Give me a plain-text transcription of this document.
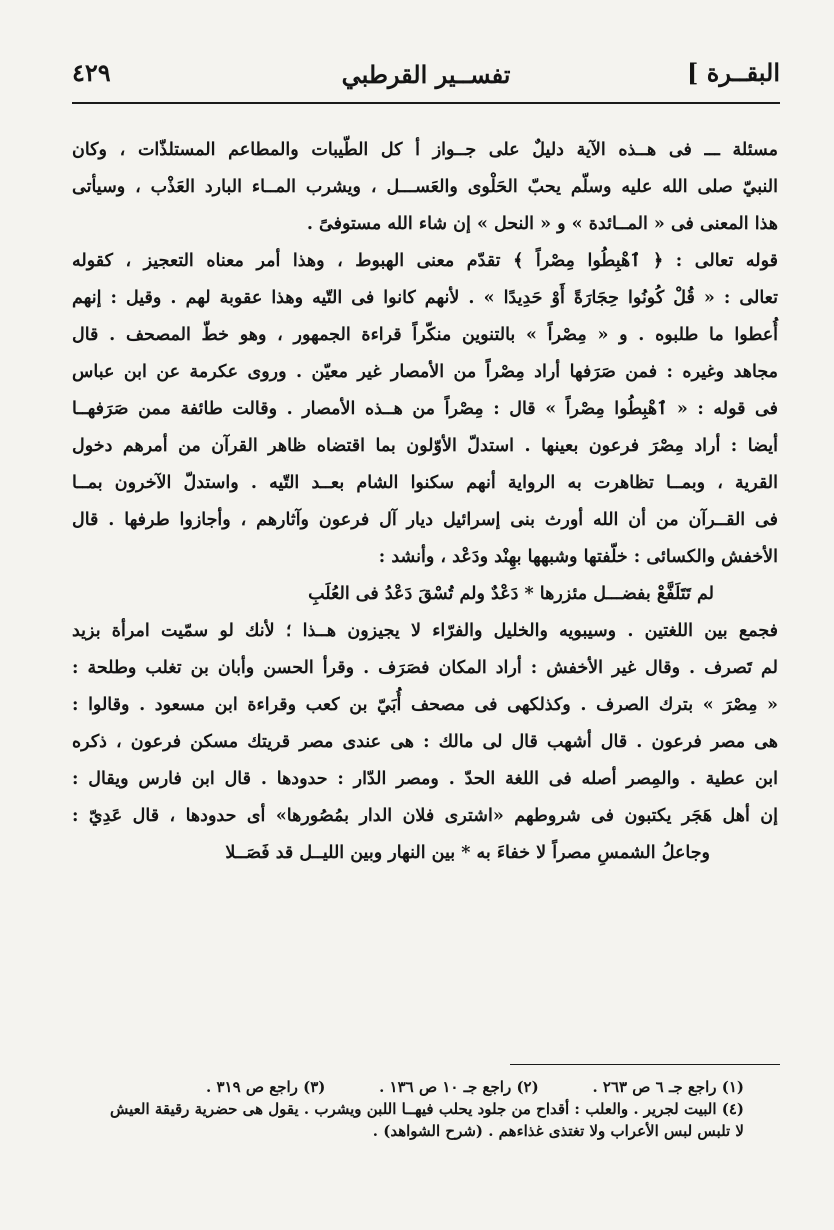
البقــرة ]
تفســير القرطبي
٤٢٩
مسئلة ـــ فى هــذه الآية دليلٌ على جــواز أ كل الطّيبات والمطاعم المستلذّات ، وكان
النبيّ صلى الله عليه وسلّم يحبّ الحَلْوى والعَســـل ، ويشرب المــاء البارد العَذْب ، وسيأتى
هذا المعنى فى « المــائدة » و « النحل » إن شاء الله مستوفىً .
قوله تعالى : ﴿ ٱهْبِطُوا مِصْراً ﴾ تقدّم معنى الهبوط ، وهذا أمر معناه التعجيز ، كقوله
تعالى : « قُلْ كُونُوا حِجَارَةً أَوْ حَدِيدًا » . لأنهم كانوا فى التّيه وهذا عقوبة لهم . وقيل : إنهم
أُعطوا ما طلبوه . و « مِصْراً » بالتنوين منكّراً قراءة الجمهور ، وهو خطّ المصحف . قال
مجاهد وغيره : فمن صَرَفها أراد مِصْراً من الأمصار غير معيّن . وروى عكرمة عن ابن عباس
فى قوله : « ٱهْبِطُوا مِصْراً » قال : مِصْراً من هــذه الأمصار . وقالت طائفة ممن صَرَفهــا
أيضا : أراد مِصْرَ فرعون بعينها . استدلّ الأوّلون بما اقتضاه ظاهر القرآن من أمرهم دخول
القرية ، وبمــا تظاهرت به الرواية أنهم سكنوا الشام بعــد التّيه . واستدلّ الآخرون بمــا
فى القــرآن من أن الله أورث بنى إسرائيل ديار آل فرعون وآثارهم ، وأجازوا طرفها . قال
الأخفش والكسائى : خلّفتها وشبهها بهِنْد ودَعْد ، وأنشد :
لم تَتَلَفَّعْ بفضـــل مئزرها * دَعْدٌ ولم تُسْقَ دَعْدُ فى العُلَبِ
فجمع بين اللغتين . وسيبويه والخليل والفرّاء لا يجيزون هــذا ؛ لأنك لو سمّيت امرأة بزيد
لم تَصرف . وقال غير الأخفش : أراد المكان فصَرَف . وقرأ الحسن وأبان بن تغلب وطلحة :
« مِصْرَ » بترك الصرف . وكذلكهى فى مصحف أُبَيّ بن كعب وقراءة ابن مسعود . وقالوا :
هى مصر فرعون . قال أشهب قال لى مالك : هى عندى مصر قريتك مسكن فرعون ، ذكره
ابن عطية . والمِصر أصله فى اللغة الحدّ . ومصر الدّار : حدودها . قال ابن فارس ويقال :
إن أهل هَجَر يكتبون فى شروطهم «اشترى فلان الدار بمُصُورها» أى حدودها ، قال عَدِيّ :
وجاعلُ الشمسِ مصراً لا خفاءَ به * بين النهار وبين الليــل قد فَصَــلا
(١) راجع جـ ٦ ص ٢٦٣ .
(٢) راجع جـ ١٠ ص ١٣٦ .
(٣) راجع ص ٣١٩ .
(٤) البيت لجرير . والعلب : أقداح من جلود يحلب فيهــا اللبن ويشرب . يقول هى حضرية رقيقة العيش
لا تلبس لبس الأعراب ولا تغتذى غذاءهم . (شرح الشواهد) .
